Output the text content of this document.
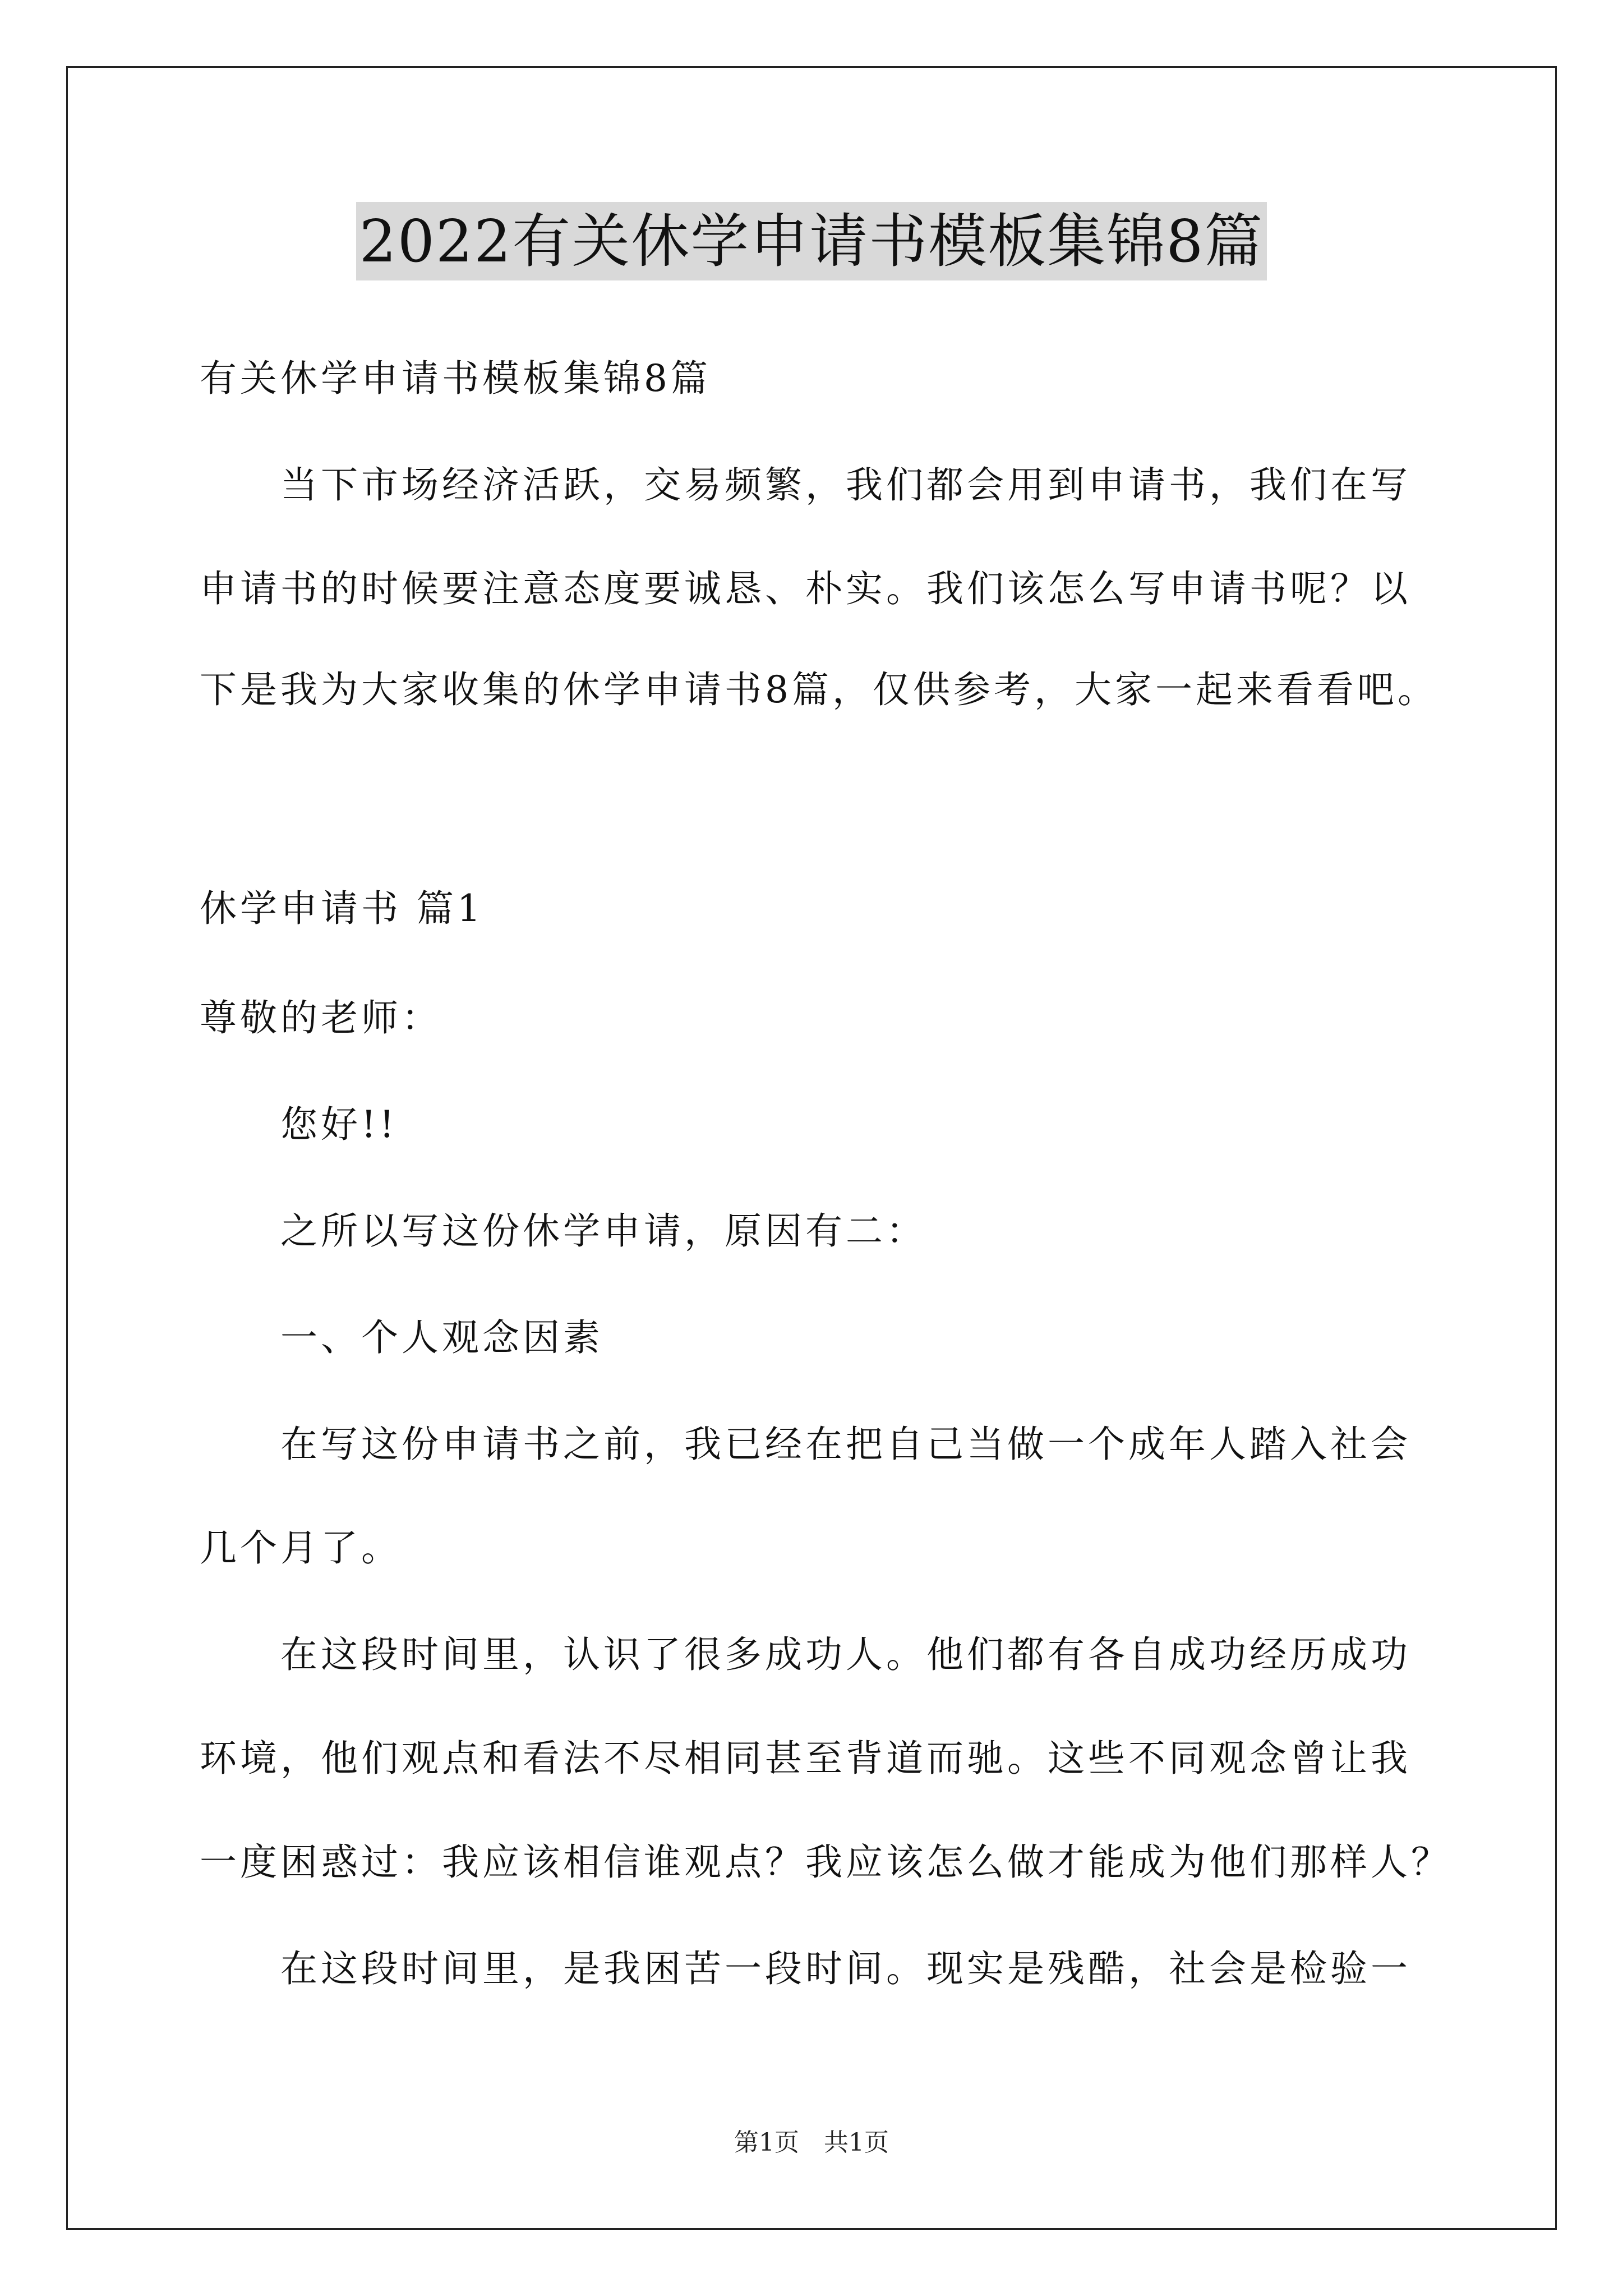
2022有关休学申请书模板集锦8篇
有关休学申请书模板集锦8篇
当下市场经济活跃，交易频繁，我们都会用到申请书，我们在写
申请书的时候要注意态度要诚恳、朴实。我们该怎么写申请书呢？以
下是我为大家收集的休学申请书8篇，仅供参考，大家一起来看看吧。
休学申请书 篇1
尊敬的老师：
您好!!
之所以写这份休学申请，原因有二：
一、个人观念因素
在写这份申请书之前，我已经在把自己当做一个成年人踏入社会
几个月了。
在这段时间里，认识了很多成功人。他们都有各自成功经历成功
环境，他们观点和看法不尽相同甚至背道而驰。这些不同观念曾让我
一度困惑过：我应该相信谁观点？我应该怎么做才能成为他们那样人？
在这段时间里，是我困苦一段时间。现实是残酷，社会是检验一
第1页　共1页
